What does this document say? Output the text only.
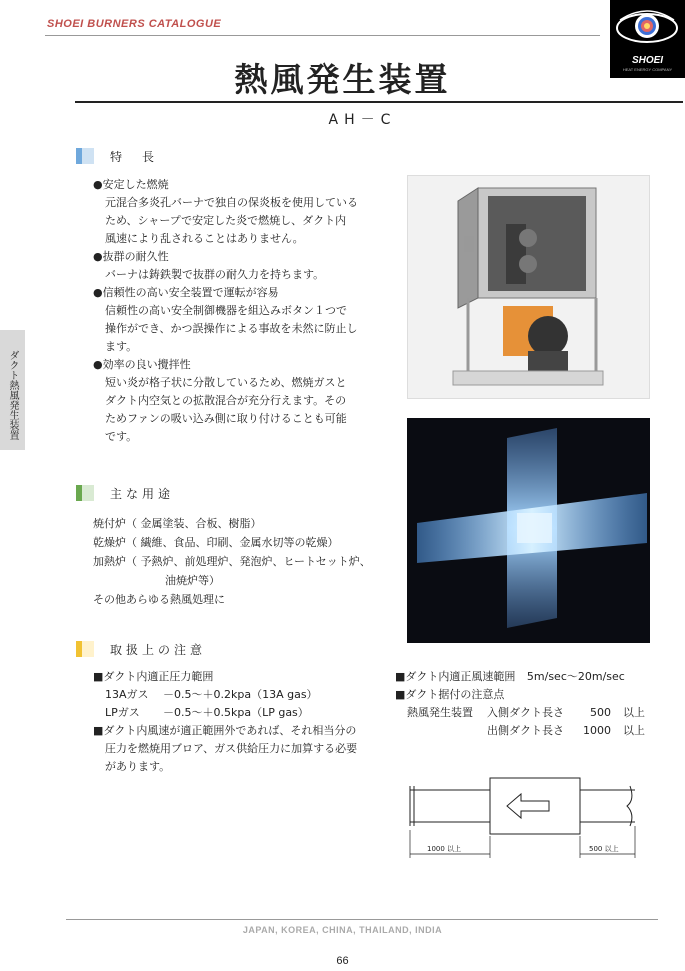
SHOEI BURNERS CATALOGUE
SHOEI
HEAT ENERGY COMPANY
熱風発生装置
AH－C
ダクト熱風発生装置
特　長
●安定した燃焼
元混合多炎孔バーナで独自の保炎板を使用している
ため、シャープで安定した炎で燃焼し、ダクト内
風速により乱されることはありません。
●抜群の耐久性
バーナは鋳鉄製で抜群の耐久力を持ちます。
●信頼性の高い安全装置で運転が容易
信頼性の高い安全制御機器を組込みボタン１つで
操作ができ、かつ誤操作による事故を未然に防止し
ます。
●効率の良い攪拌性
短い炎が格子状に分散しているため、燃焼ガスと
ダクト内空気との拡散混合が充分行えます。その
ためファンの吸い込み側に取り付けることも可能
です。
主な用途
焼付炉（ 金属塗装、合板、樹脂）
乾燥炉（ 繊維、食品、印刷、金属水切等の乾燥）
加熱炉（ 予熱炉、前処理炉、発泡炉、ヒートセット炉、
油焼炉等）
その他あらゆる熱風処理に
取扱上の注意
■ダクト内適正圧力範囲
13Aガス	－0.5～＋0.2kpa（13A gas）
LPガス	－0.5～＋0.5kpa（LP gas）
■ダクト内風速が適正範囲外であれば、それ相当分の
圧力を燃焼用ブロア、ガス供給圧力に加算する必要
があります。
■ダクト内適正風速範囲 5m/sec～20m/sec
■ダクト据付の注意点
熱風発生装置	入側ダクト長さ	500 以上
出側ダクト長さ	1000 以上
1000 以上	500 以上
JAPAN, KOREA, CHINA, THAILAND, INDIA
66
